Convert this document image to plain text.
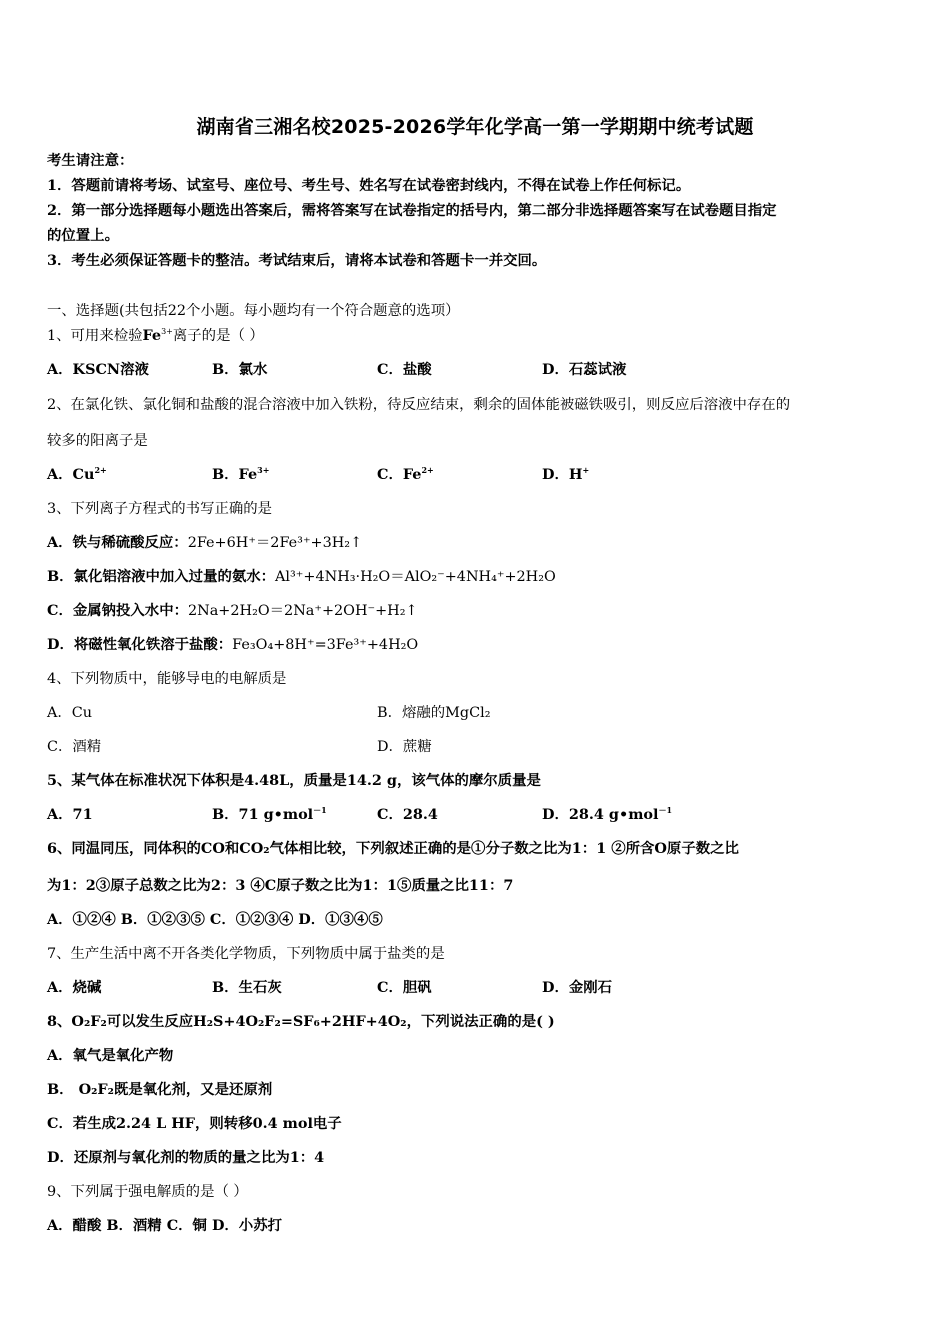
湖南省三湘名校2025-2026学年化学高一第一学期期中统考试题
考生请注意：
1．答题前请将考场、试室号、座位号、考生号、姓名写在试卷密封线内，不得在试卷上作任何标记。
2．第一部分选择题每小题选出答案后，需将答案写在试卷指定的括号内，第二部分非选择题答案写在试卷题目指定
的位置上。
3．考生必须保证答题卡的整洁。考试结束后，请将本试卷和答题卡一并交回。
一、选择题(共包括22个小题。每小题均有一个符合题意的选项）
1、可用来检验$Fe^{3+}$离子的是（ ）
A．KSCN溶液	B．氯水	C．盐酸	D．石蕊试液
2、在氯化铁、氯化铜和盐酸的混合溶液中加入铁粉，待反应结束，剩余的固体能被磁铁吸引，则反应后溶液中存在的
较多的阳离子是
A．$Cu^{2+}$	B．$Fe^{3+}$	C．$Fe^{2+}$	D．H+
3、下列离子方程式的书写正确的是
A．铁与稀硫酸反应：2Fe+6H⁺＝2Fe³⁺+3H₂↑
B．氯化铝溶液中加入过量的氨水：Al³⁺+4NH₃·H₂O＝AlO₂⁻+4NH₄⁺+2H₂O
C．金属钠投入水中：2Na+2H₂O＝2Na⁺+2OH⁻+H₂↑
D．将磁性氧化铁溶于盐酸：Fe₃O₄+8H⁺=3Fe³⁺+4H₂O
4、下列物质中，能够导电的电解质是
A．Cu	B．熔融的MgCl₂
C．酒精	D．蔗糖
5、某气体在标准状况下体积是4.48L，质量是14.2 g，该气体的摩尔质量是
A．71	B．71 g•mol$^{-1}$	C．28.4	D．28.4 g•mol$^{-1}$
6、同温同压，同体积的CO和CO₂气体相比较，下列叙述正确的是①分子数之比为1：1 ②所含O原子数之比
为1：2③原子总数之比为2：3 ④C原子数之比为1：1⑤质量之比11：7
A．①②④ B．①②③⑤ C．①②③④ D．①③④⑤
7、生产生活中离不开各类化学物质，下列物质中属于盐类的是
A．烧碱	B．生石灰	C．胆矾	D．金刚石
8、O₂F₂可以发生反应H₂S+4O₂F₂=SF₆+2HF+4O₂，下列说法正确的是( )
A．氧气是氧化产物
B． O₂F₂既是氧化剂，又是还原剂
C．若生成2.24 L HF，则转移0.4 mol电子
D．还原剂与氧化剂的物质的量之比为1：4
9、下列属于强电解质的是（ ）
A．醋酸 B．酒精 C．铜 D．小苏打
